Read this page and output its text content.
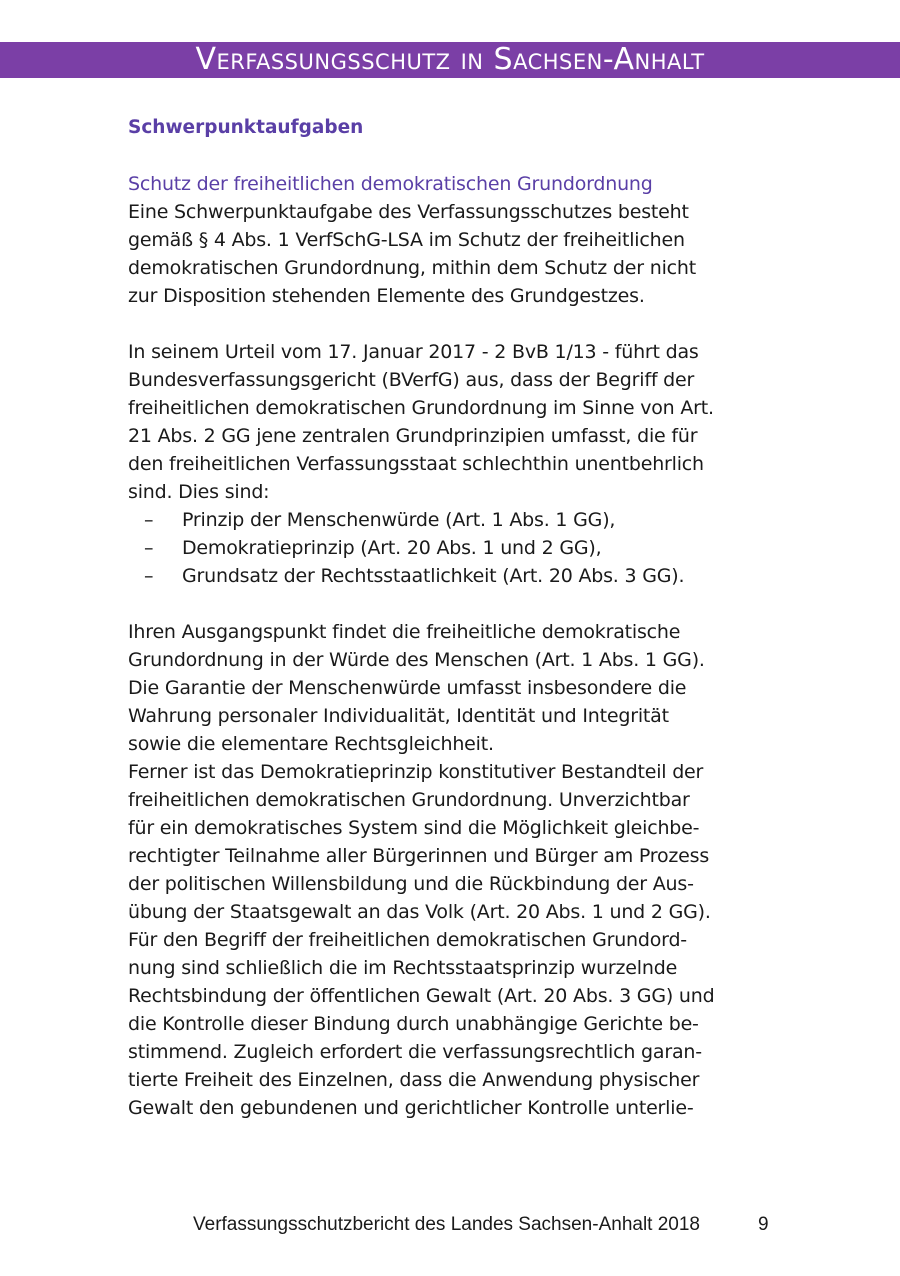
Verfassungsschutz in Sachsen-Anhalt
Schwerpunktaufgaben
Schutz der freiheitlichen demokratischen Grundordnung
Eine Schwerpunktaufgabe des Verfassungsschutzes besteht
gemäß § 4 Abs. 1 VerfSchG-LSA im Schutz der freiheitlichen
demokratischen Grundordnung, mithin dem Schutz der nicht
zur Disposition stehenden Elemente des Grundgestzes.
In seinem Urteil vom 17. Januar 2017 - 2 BvB 1/13 - führt das
Bundesverfassungsgericht (BVerfG) aus, dass der Begriff der
freiheitlichen demokratischen Grundordnung im Sinne von Art.
21 Abs. 2 GG jene zentralen Grundprinzipien umfasst, die für
den freiheitlichen Verfassungsstaat schlechthin unentbehrlich
sind. Dies sind:
– Prinzip der Menschenwürde (Art. 1 Abs. 1 GG),
– Demokratieprinzip (Art. 20 Abs. 1 und 2 GG),
– Grundsatz der Rechtsstaatlichkeit (Art. 20 Abs. 3 GG).
Ihren Ausgangspunkt findet die freiheitliche demokratische
Grundordnung in der Würde des Menschen (Art. 1 Abs. 1 GG).
Die Garantie der Menschenwürde umfasst insbesondere die
Wahrung personaler Individualität, Identität und Integrität
sowie die elementare Rechtsgleichheit.
Ferner ist das Demokratieprinzip konstitutiver Bestandteil der
freiheitlichen demokratischen Grundordnung. Unverzichtbar
für ein demokratisches System sind die Möglichkeit gleichbe-
rechtigter Teilnahme aller Bürgerinnen und Bürger am Prozess
der politischen Willensbildung und die Rückbindung der Aus-
übung der Staatsgewalt an das Volk (Art. 20 Abs. 1 und 2 GG).
Für den Begriff der freiheitlichen demokratischen Grundord-
nung sind schließlich die im Rechtsstaatsprinzip wurzelnde
Rechtsbindung der öffentlichen Gewalt (Art. 20 Abs. 3 GG) und
die Kontrolle dieser Bindung durch unabhängige Gerichte be-
stimmend. Zugleich erfordert die verfassungsrechtlich garan-
tierte Freiheit des Einzelnen, dass die Anwendung physischer
Gewalt den gebundenen und gerichtlicher Kontrolle unterlie-
Verfassungsschutzbericht des Landes Sachsen-Anhalt 2018	9
